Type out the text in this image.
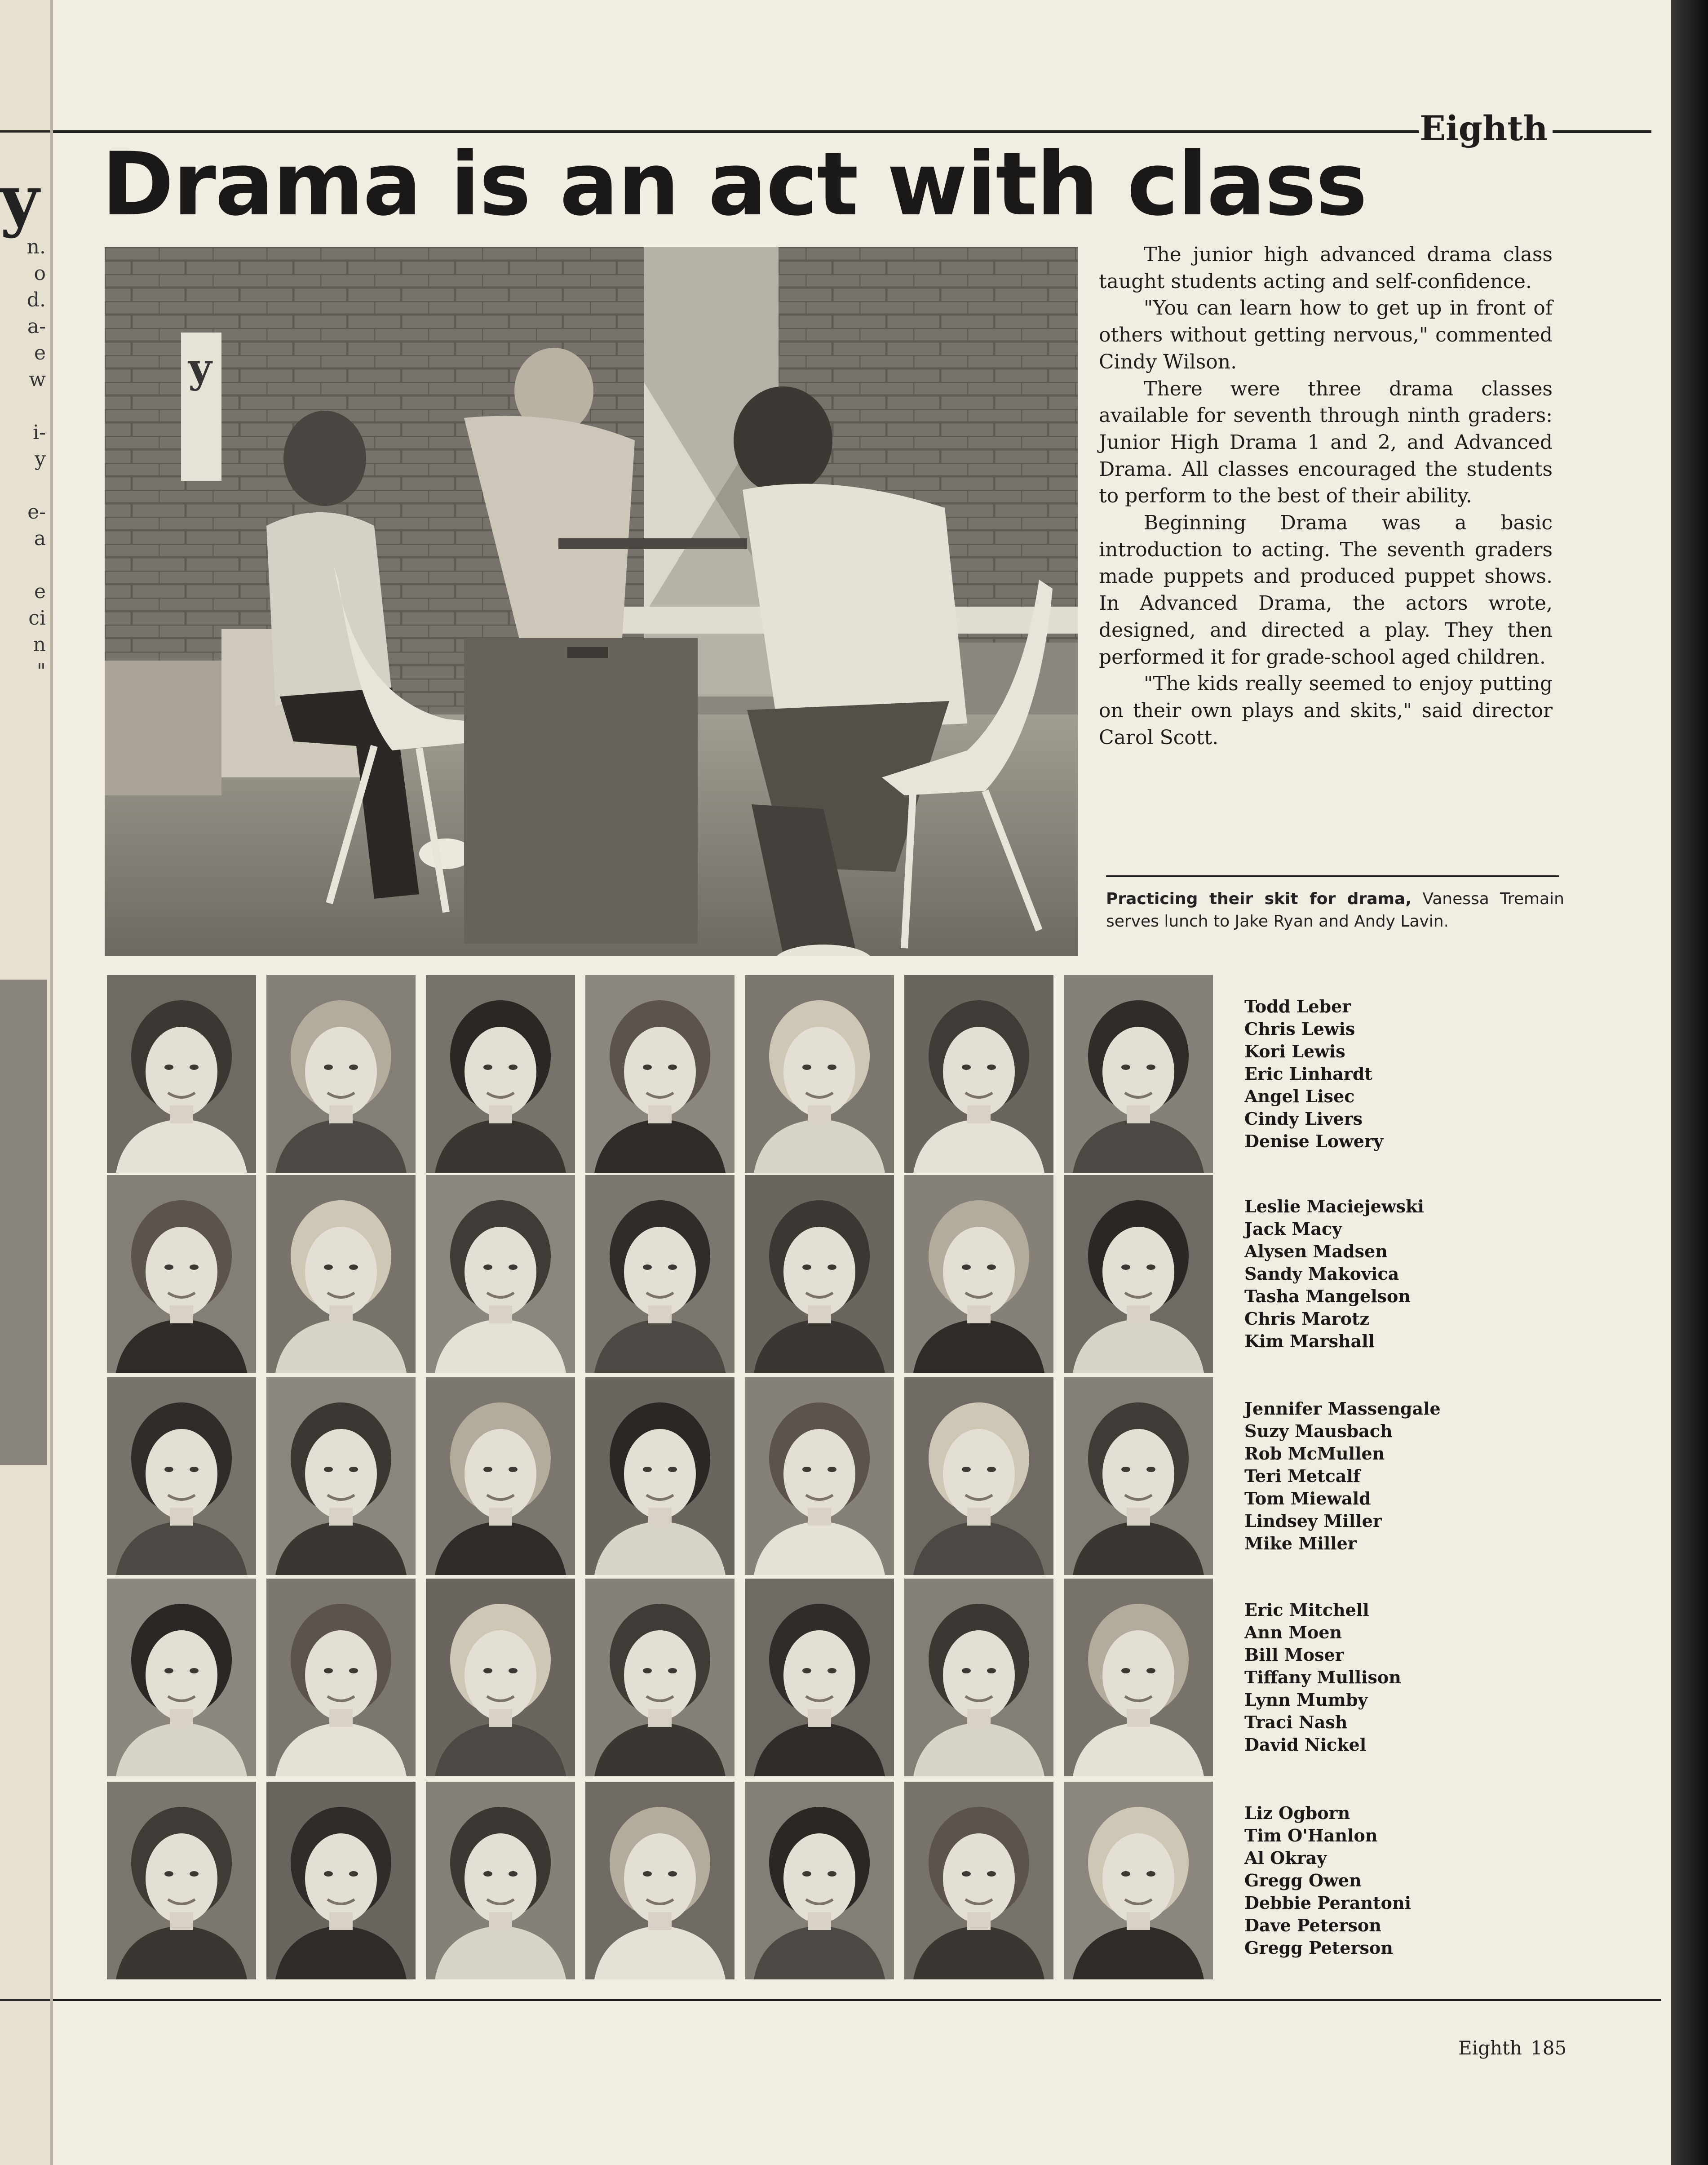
y
n.
o
d.
a-
e
w
i-
y
e-
a
e
ci
n
"
Eighth
Drama is an act with class
y

The junior high advanced drama class taught students acting and self-confidence.

"You can learn how to get up in front of others without getting nervous," commented Cindy Wilson.

There were three drama classes available for seventh through ninth graders: Junior High Drama 1 and 2, and Advanced Drama. All classes encouraged the students to perform to the best of their ability.

Beginning Drama was a basic introduction to acting. The seventh graders made puppets and produced puppet shows. In Advanced Drama, the actors wrote, designed, and directed a play. They then performed it for grade-school aged children.

"The kids really seemed to enjoy putting on their own plays and skits," said director Carol Scott.

Practicing their skit for drama, Vanessa Tremain serves lunch to Jake Ryan and Andy Lavin.
Todd Leber
Chris Lewis
Kori Lewis
Eric Linhardt
Angel Lisec
Cindy Livers
Denise Lowery
Leslie Maciejewski
Jack Macy
Alysen Madsen
Sandy Makovica
Tasha Mangelson
Chris Marotz
Kim Marshall
Jennifer Massengale
Suzy Mausbach
Rob McMullen
Teri Metcalf
Tom Miewald
Lindsey Miller
Mike Miller
Eric Mitchell
Ann Moen
Bill Moser
Tiffany Mullison
Lynn Mumby
Traci Nash
David Nickel
Liz Ogborn
Tim O'Hanlon
Al Okray
Gregg Owen
Debbie Perantoni
Dave Peterson
Gregg Peterson
Eighth 185
